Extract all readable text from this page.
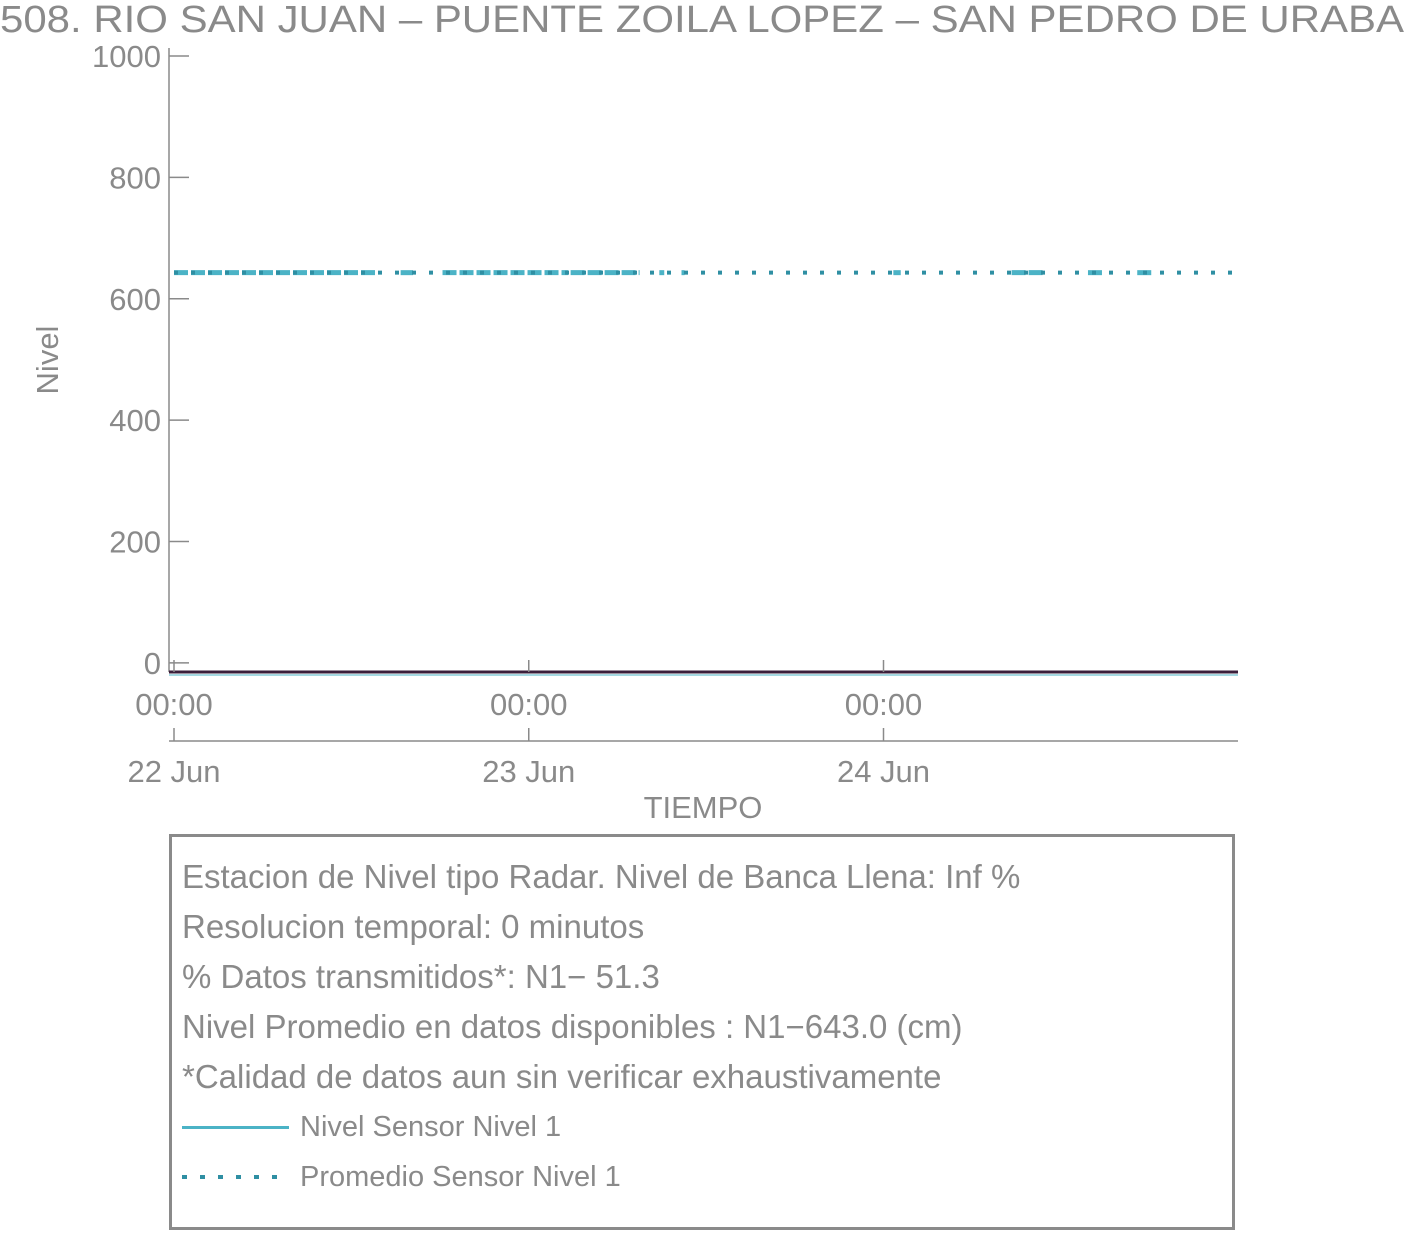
508. RIO SAN JUAN – PUENTE ZOILA LOPEZ – SAN PEDRO DE URABA
Nivel
TIEMPO
0
200
400
600
800
1000
00:00
22 Jun
00:00
23 Jun
00:00
24 Jun
Estacion de Nivel tipo Radar. Nivel de Banca Llena: Inf %
Resolucion temporal: 0 minutos
% Datos transmitidos*: N1− 51.3
Nivel Promedio en datos disponibles : N1−643.0 (cm)
*Calidad de datos aun sin verificar exhaustivamente
Nivel Sensor Nivel 1
Promedio Sensor Nivel 1
